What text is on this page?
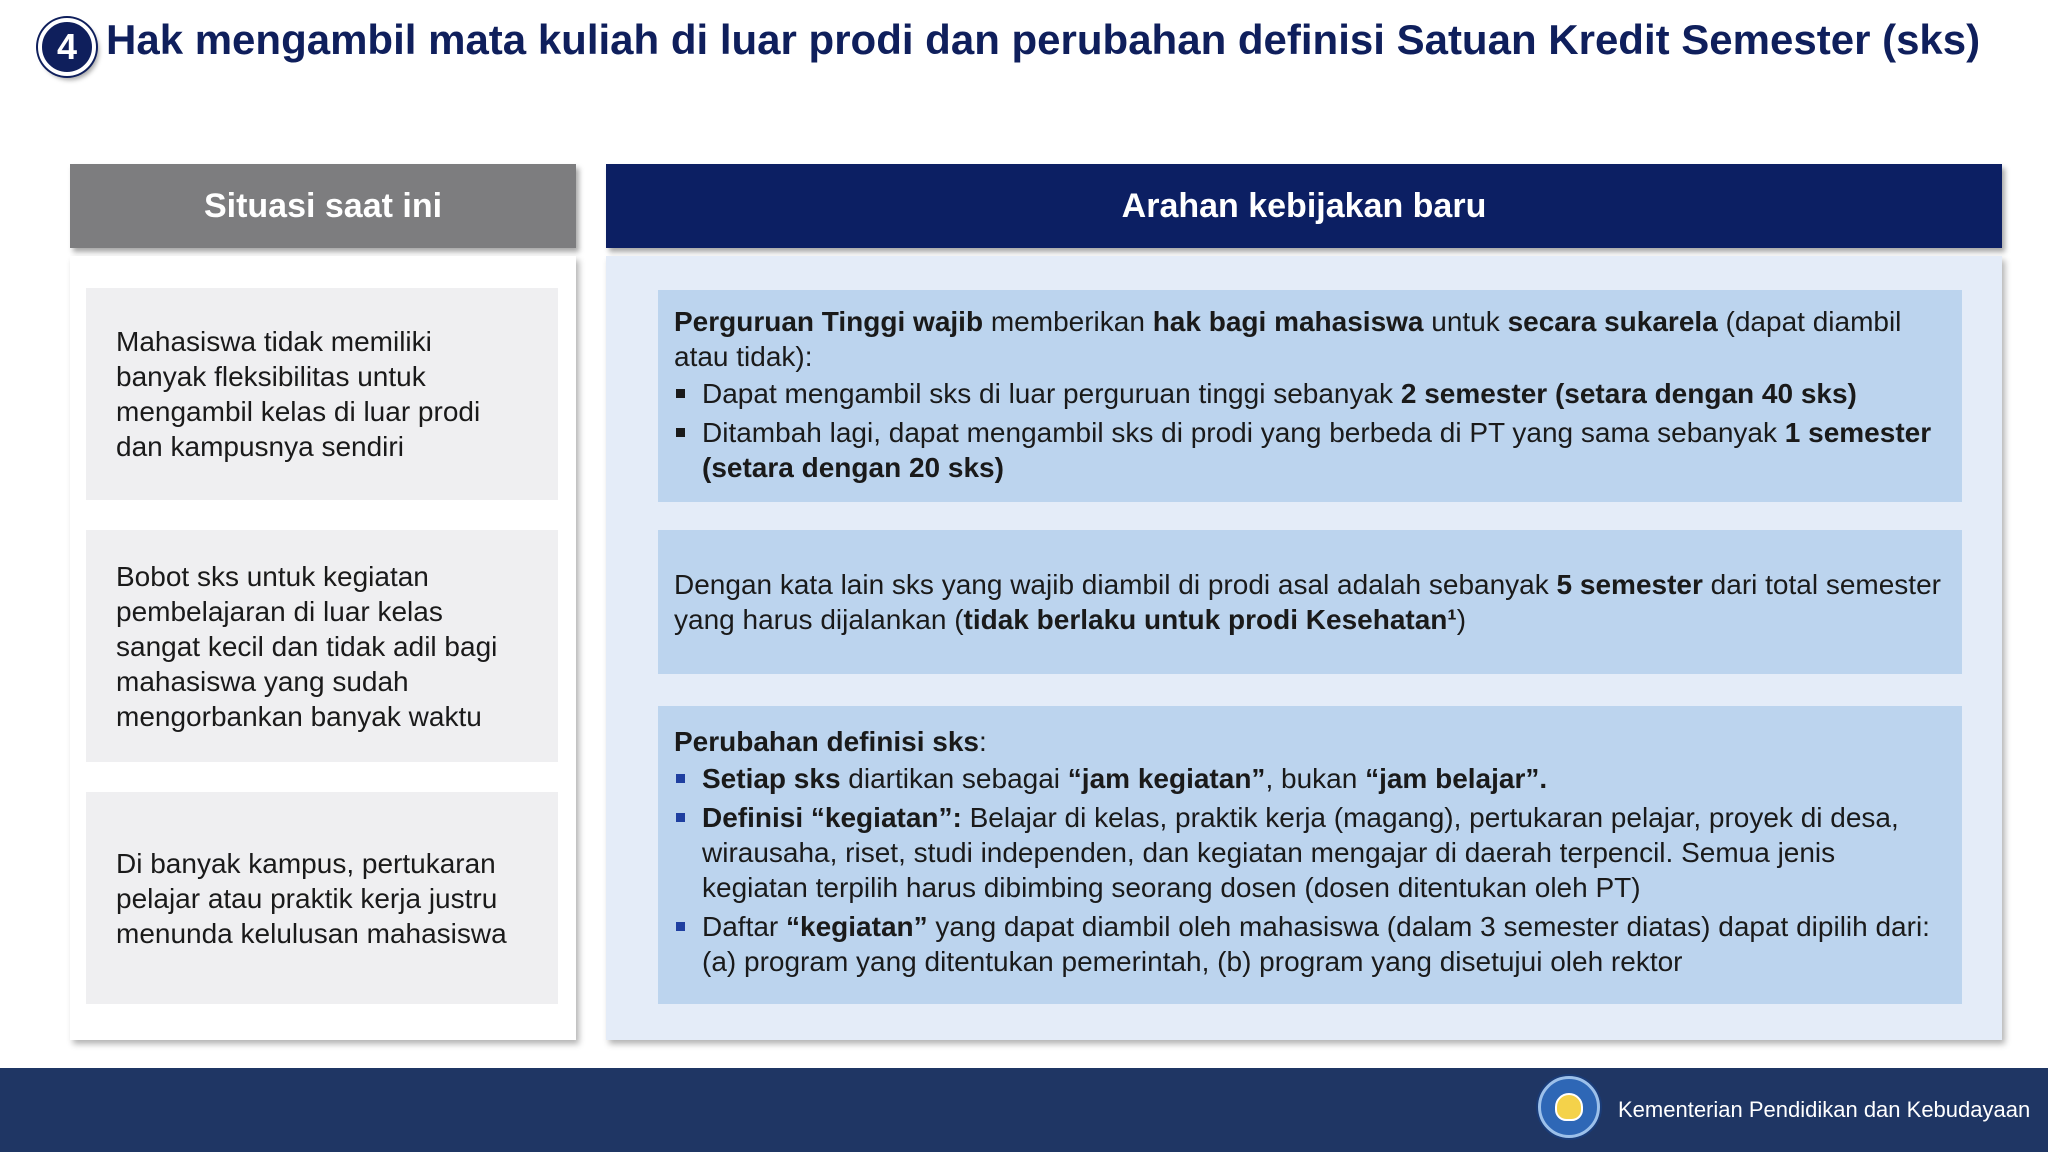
4 Hak mengambil mata kuliah di luar prodi dan perubahan definisi Satuan Kredit Semester (sks)
Situasi saat ini
Mahasiswa tidak memiliki banyak fleksibilitas untuk mengambil kelas di luar prodi dan kampusnya sendiri
Bobot sks untuk kegiatan pembelajaran di luar kelas sangat kecil dan tidak adil bagi mahasiswa yang sudah mengorbankan banyak waktu
Di banyak kampus, pertukaran pelajar atau praktik kerja justru menunda kelulusan mahasiswa
Arahan kebijakan baru
Perguruan Tinggi wajib memberikan hak bagi mahasiswa untuk secara sukarela (dapat diambil atau tidak):
Dapat mengambil sks di luar perguruan tinggi sebanyak 2 semester (setara dengan 40 sks)
Ditambah lagi, dapat mengambil sks di prodi yang berbeda di PT yang sama sebanyak 1 semester (setara dengan 20 sks)
Dengan kata lain sks yang wajib diambil di prodi asal adalah sebanyak 5 semester dari total semester yang harus dijalankan (tidak berlaku untuk prodi Kesehatan¹)
Perubahan definisi sks:
Setiap sks diartikan sebagai “jam kegiatan”, bukan “jam belajar”.
Definisi “kegiatan”: Belajar di kelas, praktik kerja (magang), pertukaran pelajar, proyek di desa, wirausaha, riset, studi independen, dan kegiatan mengajar di daerah terpencil. Semua jenis kegiatan terpilih harus dibimbing seorang dosen (dosen ditentukan oleh PT)
Daftar “kegiatan” yang dapat diambil oleh mahasiswa (dalam 3 semester diatas) dapat dipilih dari: (a) program yang ditentukan pemerintah, (b) program yang disetujui oleh rektor
Kementerian Pendidikan dan Kebudayaan
